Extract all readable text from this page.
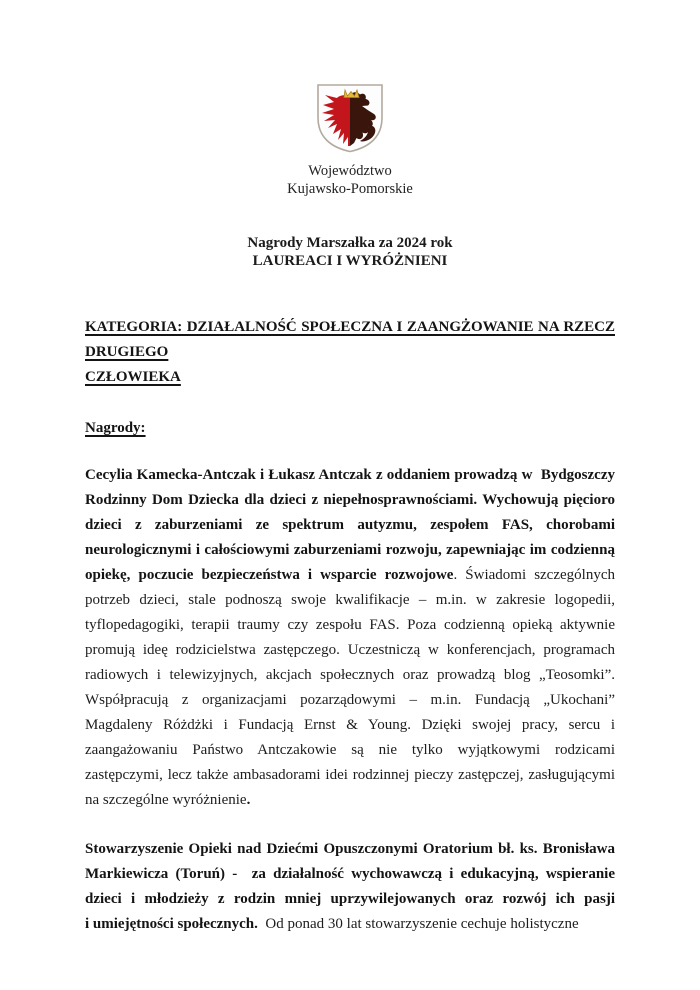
Województwo
Kujawsko-Pomorskie
Nagrody Marszałka za 2024 rok
LAUREACI I WYRÓŻNIENI
KATEGORIA: DZIAŁALNOŚĆ SPOŁECZNA I ZAANGŻOWANIE NA RZECZ DRUGIEGO
CZŁOWIEKA
Nagrody:

Cecylia Kamecka-Antczak i Łukasz Antczak z oddaniem prowadzą w  Bydgoszczy Rodzinny Dom Dziecka dla dzieci z niepełnosprawnościami. Wychowują pięcioro dzieci z zaburzeniami ze spektrum autyzmu, zespołem FAS, chorobami neurologicznymi i całościowymi zaburzeniami rozwoju, zapewniając im codzienną opiekę, poczucie bezpieczeństwa i wsparcie rozwojowe. Świadomi szczególnych potrzeb dzieci, stale podnoszą swoje kwalifikacje – m.in. w zakresie logopedii, tyflopedagogiki, terapii traumy czy zespołu FAS. Poza codzienną opieką aktywnie promują ideę rodzicielstwa zastępczego. Uczestniczą w konferencjach, programach radiowych i telewizyjnych, akcjach społecznych oraz prowadzą blog „Teosomki”. Współpracują z organizacjami pozarządowymi – m.in. Fundacją „Ukochani” Magdaleny Różdżki i Fundacją Ernst & Young. Dzięki swojej pracy, sercu i zaangażowaniu Państwo Antczakowie są nie tylko wyjątkowymi rodzicami zastępczymi, lecz także ambasadorami idei rodzinnej pieczy zastępczej, zasługującymi na szczególne wyróżnienie.

Stowarzyszenie Opieki nad Dziećmi Opuszczonymi Oratorium bł. ks. Bronisława Markiewicza (Toruń) -  za działalność wychowawczą i edukacyjną, wspieranie dzieci i młodzieży z rodzin mniej uprzywilejowanych oraz rozwój ich pasji i umiejętności społecznych.  Od ponad 30 lat stowarzyszenie cechuje holistyczne
